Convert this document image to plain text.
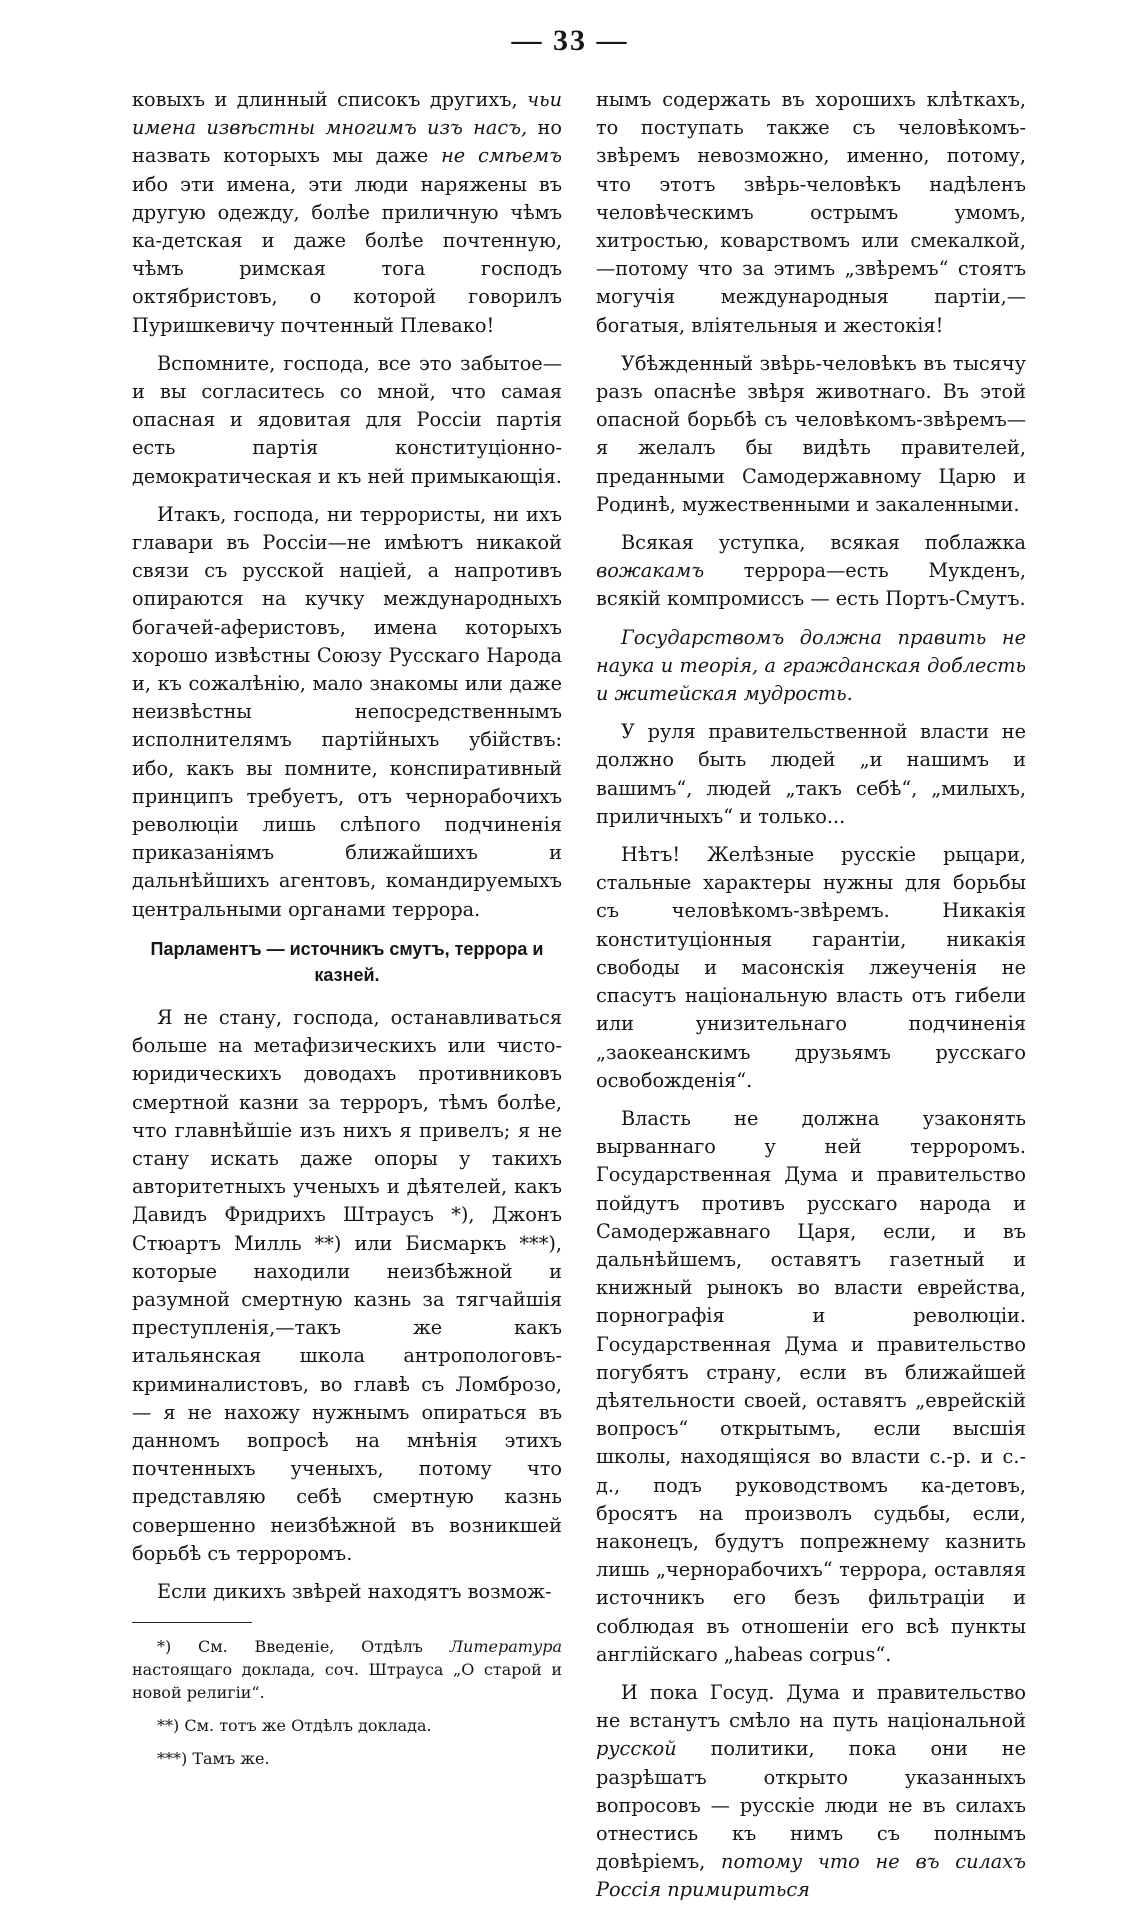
— 33 —

ковыхъ и длинный списокъ другихъ, чьи имена извѣстны многимъ изъ насъ, но назвать которыхъ мы даже не смѣемъ ибо эти имена, эти люди наряжены въ другую одежду, болѣе приличную чѣмъ ка-детская и даже болѣе почтенную, чѣмъ римская тога господъ октябристовъ, о которой говорилъ Пуришкевичу почтенный Плевако!

Вспомните, господа, все это забытое— и вы согласитесь со мной, что самая опасная и ядовитая для Россіи партія есть партія конституціонно-демократическая и къ ней примыкающія.

Итакъ, господа, ни террористы, ни ихъ главари въ Россіи—не имѣютъ никакой связи съ русской націей, а напротивъ опираются на кучку международныхъ богачей-аферистовъ, имена которыхъ хорошо извѣстны Союзу Русскаго Народа и, къ сожалѣнію, мало знакомы или даже неизвѣстны непосредственнымъ исполнителямъ партійныхъ убійствъ: ибо, какъ вы помните, конспиративный принципъ требуетъ, отъ чернорабочихъ революціи лишь слѣпого подчиненія приказаніямъ ближайшихъ и дальнѣйшихъ агентовъ, командируемыхъ центральными органами террора.

Парламентъ — источникъ смутъ, террора и казней.

Я не стану, господа, останавливаться больше на метафизическихъ или чисто-юридическихъ доводахъ противниковъ смертной казни за терроръ, тѣмъ болѣе, что главнѣйшіе изъ нихъ я привелъ; я не стану искать даже опоры у такихъ авторитетныхъ ученыхъ и дѣятелей, какъ Давидъ Фридрихъ Штраусъ *), Джонъ Стюартъ Милль **) или Бисмаркъ ***), которые находили неизбѣжной и разумной смертную казнь за тягчайшія преступленія,—такъ же какъ итальянская школа антропологовъ-криминалистовъ, во главѣ съ Ломброзо, — я не нахожу нужнымъ опираться въ данномъ вопросѣ на мнѣнія этихъ почтенныхъ ученыхъ, потому что представляю себѣ смертную казнь совершенно неизбѣжной въ возникшей борьбѣ съ терроромъ.

Если дикихъ звѣрей находятъ возмож-

*) См. Введеніе, Отдѣлъ Литература настоящаго доклада, соч. Штрауса „О старой и новой религіи“.
**) См. тотъ же Отдѣлъ доклада.
***) Тамъ же.

нымъ содержать въ хорошихъ клѣткахъ, то поступать также съ человѣкомъ-звѣремъ невозможно, именно, потому, что этотъ звѣрь-человѣкъ надѣленъ человѣческимъ острымъ умомъ, хитростью, коварствомъ или смекалкой,—потому что за этимъ „звѣремъ“ стоятъ могучія международныя партіи,—богатыя, вліятельныя и жестокія!

Убѣжденный звѣрь-человѣкъ въ тысячу разъ опаснѣе звѣря животнаго. Въ этой опасной борьбѣ съ человѣкомъ-звѣремъ— я желалъ бы видѣть правителей, преданными Самодержавному Царю и Родинѣ, мужественными и закаленными.

Всякая уступка, всякая поблажка вожакамъ террора—есть Мукденъ, всякій компромиссъ — есть Портъ-Смутъ.

Государствомъ должна править не наука и теорія, а гражданская доблесть и житейская мудрость.

У руля правительственной власти не должно быть людей „и нашимъ и вашимъ“, людей „такъ себѣ“, „милыхъ, приличныхъ“ и только...

Нѣтъ! Желѣзные русскіе рыцари, стальные характеры нужны для борьбы съ человѣкомъ-звѣремъ. Никакія конституціонныя гарантіи, никакія свободы и масонскія лжеученія не спасутъ національную власть отъ гибели или унизительнаго подчиненія „заокеанскимъ друзьямъ русскаго освобожденія“.

Власть не должна узаконять вырваннаго у ней терроромъ. Государственная Дума и правительство пойдутъ противъ русскаго народа и Самодержавнаго Царя, если, и въ дальнѣйшемъ, оставятъ газетный и книжный рынокъ во власти еврейства, порнографія и революціи. Государственная Дума и правительство погубятъ страну, если въ ближайшей дѣятельности своей, оставятъ „еврейскій вопросъ“ открытымъ, если высшія школы, находящіяся во власти с.-р. и с.-д., подъ руководствомъ ка-детовъ, бросятъ на произволъ судьбы, если, наконецъ, будутъ попрежнему казнить лишь „чернорабочихъ“ террора, оставляя источникъ его безъ фильтраціи и соблюдая въ отношеніи его всѣ пункты англійскаго „habeas corpus“.

И пока Госуд. Дума и правительство не встанутъ смѣло на путь національной русской политики, пока они не разрѣшатъ открыто указанныхъ вопросовъ — русскіе люди не въ силахъ отнестись къ нимъ съ полнымъ довѣріемъ, потому что не въ силахъ Россія примириться
